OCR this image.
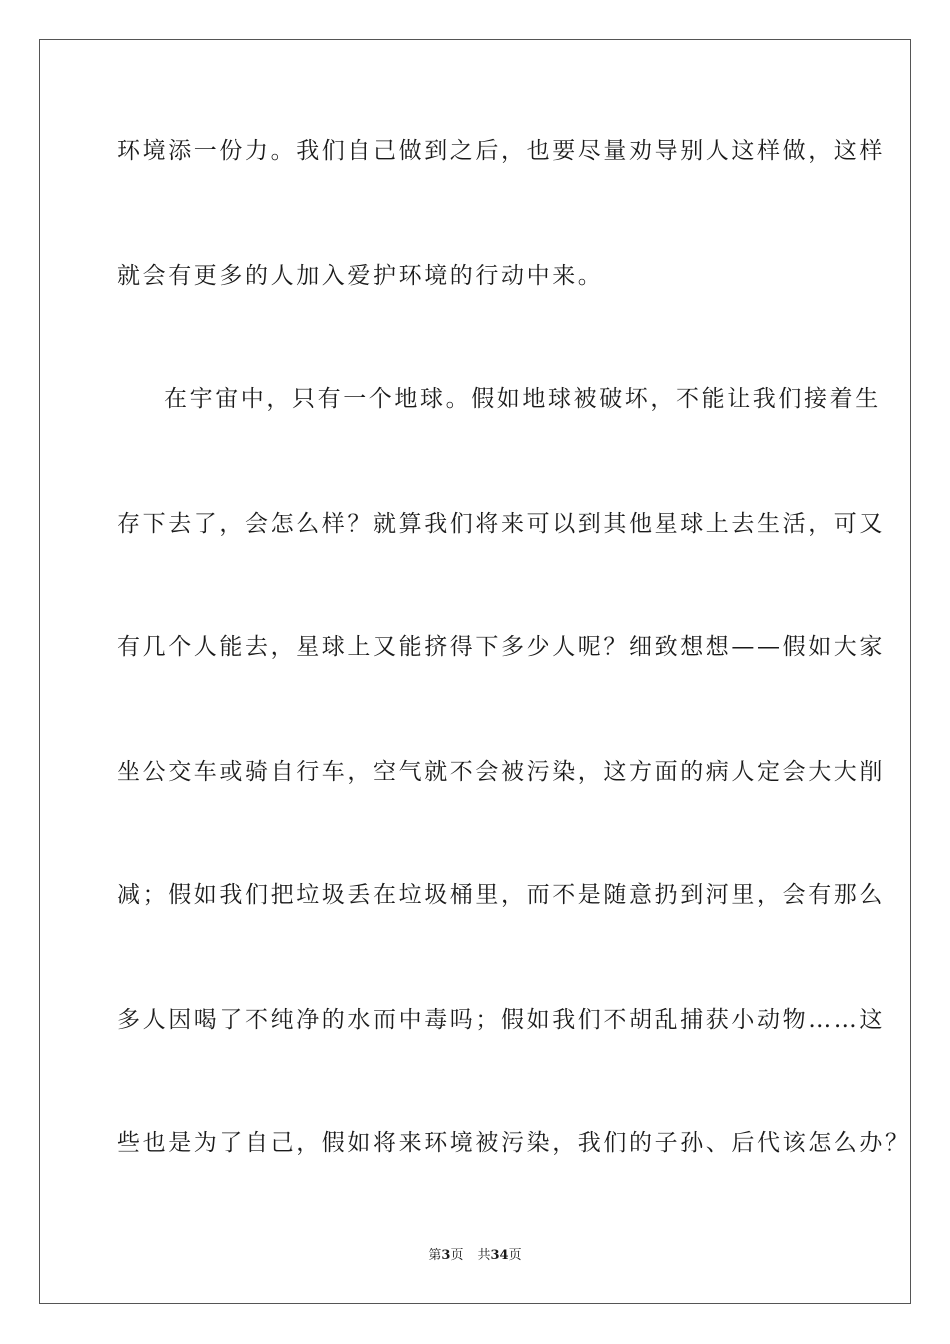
环境添一份力。我们自己做到之后，也要尽量劝导别人这样做，这样
就会有更多的人加入爱护环境的行动中来。
在宇宙中，只有一个地球。假如地球被破坏，不能让我们接着生
存下去了，会怎么样？就算我们将来可以到其他星球上去生活，可又
有几个人能去，星球上又能挤得下多少人呢？细致想想——假如大家
坐公交车或骑自行车，空气就不会被污染，这方面的病人定会大大削
减；假如我们把垃圾丢在垃圾桶里，而不是随意扔到河里，会有那么
多人因喝了不纯净的水而中毒吗；假如我们不胡乱捕获小动物……这
些也是为了自己，假如将来环境被污染，我们的子孙、后代该怎么办？
第3页 共34页
